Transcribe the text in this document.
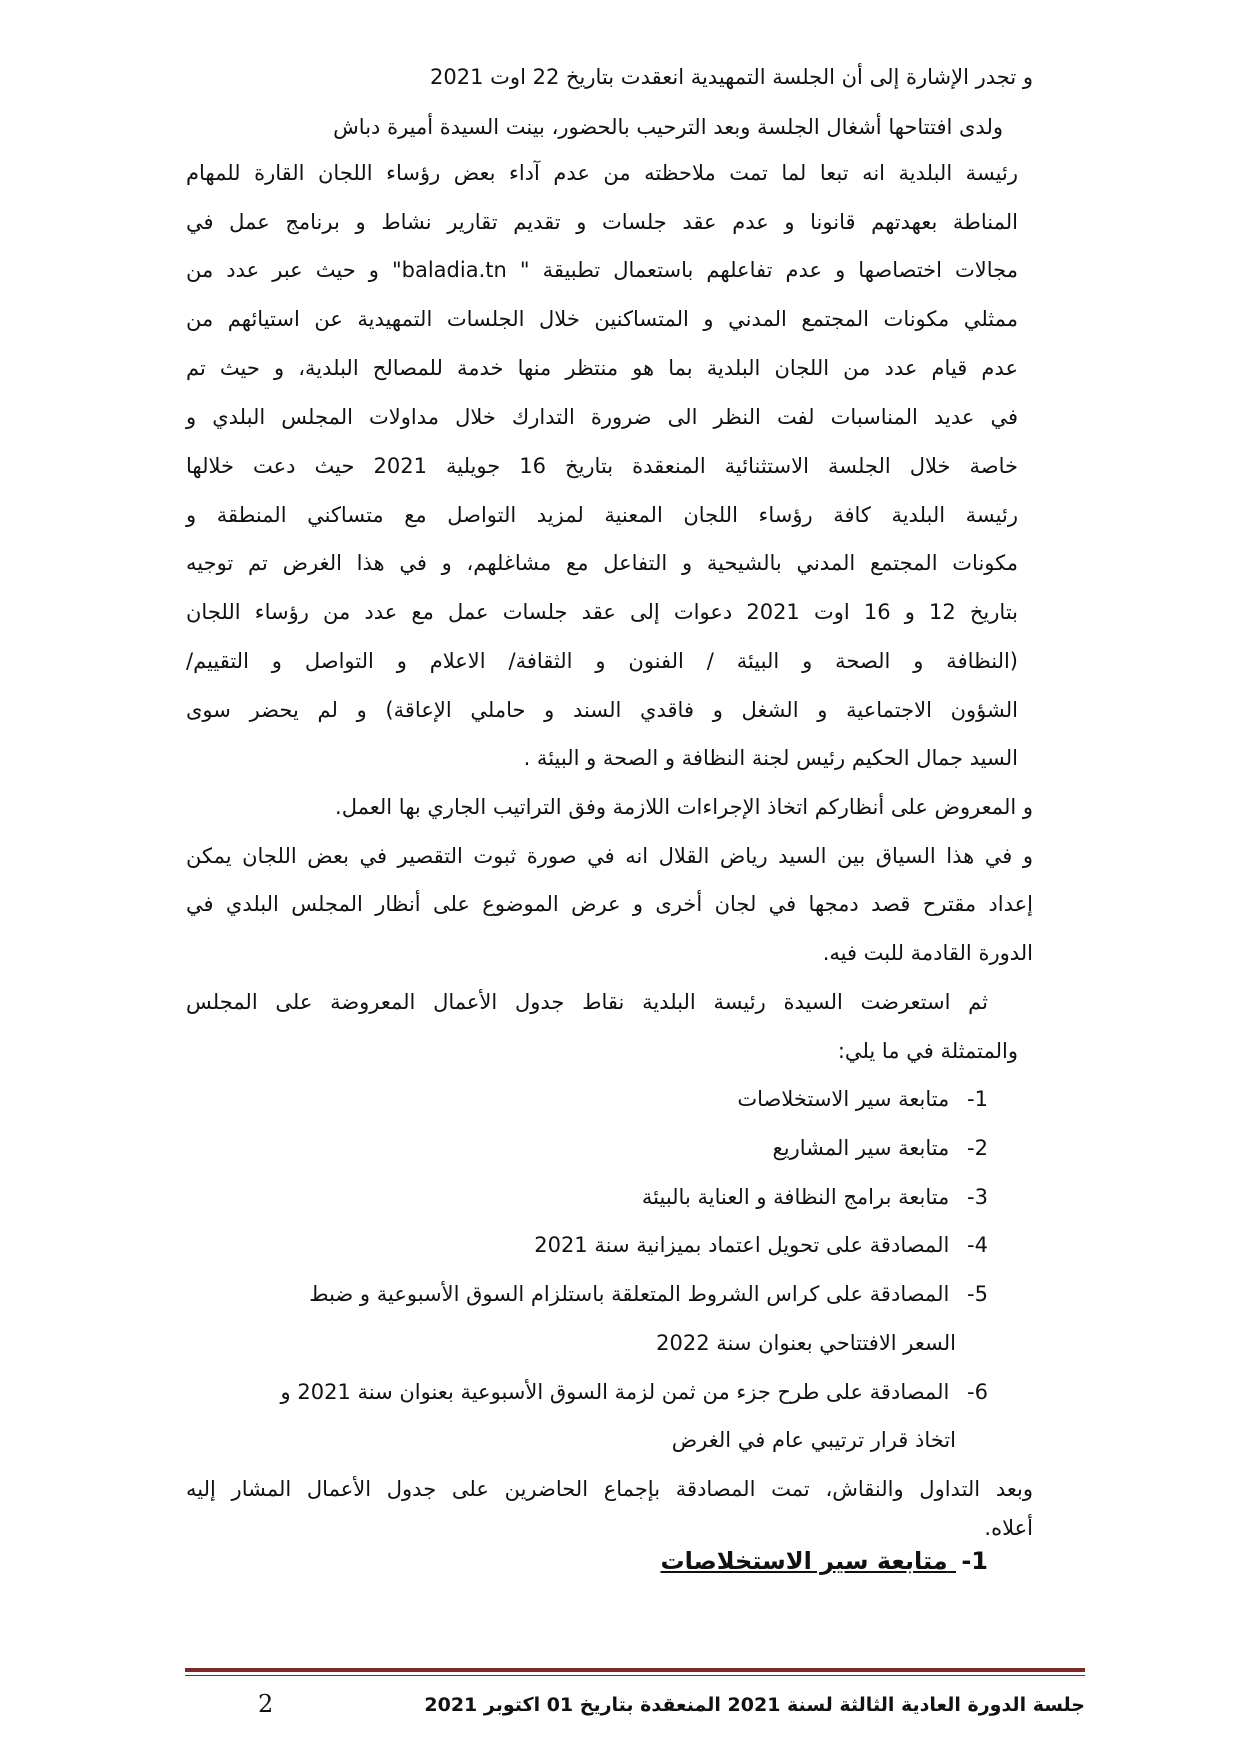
و تجدر الإشارة إلى أن الجلسة التمهيدية انعقدت بتاريخ 22 اوت 2021
ولدى افتتاحها أشغال الجلسة وبعد الترحيب بالحضور، بينت السيدة أميرة دباش
رئيسة البلدية انه تبعا لما تمت ملاحظته من عدم آداء بعض رؤساء اللجان القارة للمهام
المناطة بعهدتهم قانونا و عدم عقد جلسات و تقديم تقارير نشاط و برنامج عمل في
مجالات اختصاصها و عدم تفاعلهم باستعمال تطبيقة " baladia.tn" و حيث عبر عدد من
ممثلي مكونات المجتمع المدني و المتساكنين خلال الجلسات التمهيدية عن استيائهم من
عدم قيام عدد من اللجان البلدية بما هو منتظر منها خدمة للمصالح البلدية، و حيث تم
في عديد المناسبات لفت النظر الى ضرورة التدارك خلال مداولات المجلس البلدي و
خاصة خلال الجلسة الاستثنائية المنعقدة بتاريخ 16 جويلية 2021 حيث دعت خلالها
رئيسة البلدية كافة رؤساء اللجان المعنية لمزيد التواصل مع متساكني المنطقة و
مكونات المجتمع المدني بالشيحية و التفاعل مع مشاغلهم، و في هذا الغرض تم توجيه
بتاريخ 12 و 16 اوت 2021 دعوات إلى عقد جلسات عمل مع عدد من رؤساء اللجان
(النظافة و الصحة و البيئة / الفنون و الثقافة/ الاعلام و التواصل و التقييم/
الشؤون الاجتماعية و الشغل و فاقدي السند و حاملي الإعاقة) و لم يحضر سوى
السيد جمال الحكيم رئيس لجنة النظافة و الصحة و البيئة .
و المعروض على أنظاركم اتخاذ الإجراءات اللازمة وفق التراتيب الجاري بها العمل.
و في هذا السياق بين السيد رياض القلال انه في صورة ثبوت التقصير في بعض اللجان يمكن
إعداد مقترح قصد دمجها في لجان أخرى و عرض الموضوع على أنظار المجلس البلدي في
الدورة القادمة للبت فيه.
ثم استعرضت السيدة رئيسة البلدية نقاط جدول الأعمال المعروضة على المجلس
والمتمثلة في ما يلي:
1- متابعة سير الاستخلاصات
2- متابعة سير المشاريع
3- متابعة برامج النظافة و العناية بالبيئة
4- المصادقة على تحويل اعتماد بميزانية سنة 2021
5- المصادقة على كراس الشروط المتعلقة باستلزام السوق الأسبوعية و ضبط
السعر الافتتاحي بعنوان سنة 2022
6- المصادقة على طرح جزء من ثمن لزمة السوق الأسبوعية بعنوان سنة 2021 و
اتخاذ قرار ترتيبي عام في الغرض
وبعد التداول والنقاش، تمت المصادقة بإجماع الحاضرين على جدول الأعمال المشار إليه
أعلاه.
1- متابعة سير الاستخلاصات
2	جلسة الدورة العادية الثالثة لسنة 2021 المنعقدة بتاريخ 01 اكتوبر 2021
